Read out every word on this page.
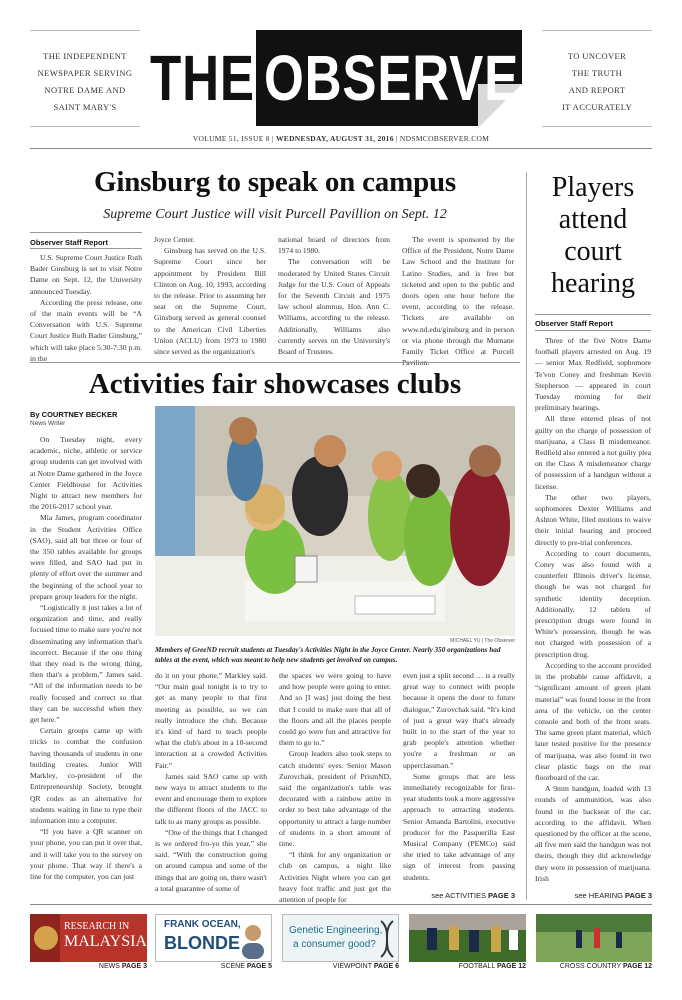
THE INDEPENDENT
NEWSPAPER SERVING
NOTRE DAME AND
SAINT MARY'S THE OBSERVER	TO UNCOVER
THE TRUTH
AND REPORT
IT ACCURATELY
VOLUME 51, ISSUE 8 | WEDNESDAY, AUGUST 31, 2016 | NDSMCOBSERVER.COM
Ginsburg to speak on campus
Supreme Court Justice will visit Purcell Pavillion on Sept. 12
Observer Staff Report

U.S. Supreme Court Justice Ruth Bader Ginsburg is set to visit Notre Dame on Sept. 12, the University announced Tuesday.

According the press release, one of the main events will be “A Conversation with U.S. Supreme Court Justice Ruth Bader Ginsburg,” which will take place 5:30-7:30 p.m. in the

Joyce Center.

Ginsburg has served on the U.S. Supreme Court since her appointment by President Bill Clinton on Aug. 10, 1993, according to the release. Prior to assuming her seat on the Supreme Court, Ginsburg served as general counsel to the American Civil Liberties Union (ACLU) from 1973 to 1980 since served as the organization's

national board of directors from 1974 to 1980.

The conversation will be moderated by United States Circuit Judge for the U.S. Court of Appeals for the Seventh Circuit and 1975 law school alumnus, Hon. Ann C. Williams, according to the release. Additionally, Williams also currently serves on the University's Board of Trustees.

The event is sponsored by the Office of the President, Notre Dame Law School and the Institute for Latino Studies, and is free but ticketed and open to the public and doors open one hour before the event, according to the release. Tickets are available on www.nd.edu/ginsburg and in person or via phone through the Murnane Family Ticket Office at Purcell Pavilion.

Players attend court hearing
Observer Staff Report

Three of the five Notre Dame football players arrested on Aug. 19 — senior Max Redfield, sophomore Te'von Coney and freshman Kevin Stepherson — appeared in court Tuesday morning for their preliminary hearings.

All three entered pleas of not guilty on the charge of possession of marijuana, a Class B misdemeanor. Redfield also entered a not guilty plea on the Class A misdemeanor charge of possession of a handgun without a license.

The other two players, sophomores Dexter Williams and Ashton White, filed motions to waive their initial hearing and proceed directly to pre-trial conferences.

According to court documents, Coney was also found with a counterfeit Illinois driver's license, though he was not charged for synthetic identity deception. Additionally, 12 tablets of prescription drugs were found in White's possession, though he was not charged with possession of a prescription drug.

According to the account provided in the probable cause affidavit, a “significant amount of green plant material” was found loose in the front area of the vehicle, on the center console and both of the front seats. The same green plant material, which later tested positive for the presence of marijuana, was also found in two clear plastic bags on the rear floorboard of the car.

A 9mm handgun, loaded with 13 rounds of ammunition, was also found in the backseat of the car, according to the affidavit. When questioned by the officer at the scene, all five men said the handgun was not theirs, though they did acknowledge they were in possession of marijuana. Irish

see HEARING PAGE 3
Activities fair showcases clubs
By COURTNEY BECKER
News Writer

On Tuesday night, every academic, niche, athletic or service group students can get involved with at Notre Dame gathered in the Joyce Center Fieldhouse for Activities Night to attract new members for the 2016-2017 school year.

Mia James, program coordinator in the Student Activities Office (SAO), said all but three or four of the 350 tables available for groups were filled, and SAO had put in plenty of effort over the summer and the beginning of the school year to prepare group leaders for the night.

“Logistically it just takes a lot of organization and time, and really focused time to make sure you're not disseminating any information that's incorrect. Because if the one thing that they read is the wrong thing, then that's a problem,” James said. “All of the information needs to be really focused and correct so that they can be successful when they get here.”

Certain groups came up with tricks to combat the confusion having thousands of students in one building creates. Junior Will Markley, co-president of the Entrepreneurship Society, brought QR codes as an alternative for students waiting in line to type their information into a computer.

“If you have a QR scanner on your phone, you can put it over that, and it will take you to the survey on your phone. That way if there's a line for the computer, you can just

MICHAEL YU | The Observer
Members of GreeND recruit students at Tuesday's Activities Night in the Joyce Center. Nearly 350 organizations had tables at the event, which was meant to help new students get involved on campus.

do it on your phone,” Markley said. “Our main goal tonight is to try to get as many people to that first meeting as possible, so we can really introduce the club. Because it's kind of hard to teach people what the club's about in a 10-second interaction at a crowded Activities Fair.”

James said SAO came up with new ways to attract students to the event and encourage them to explore the different floors of the JACC to talk to as many groups as possible.

“One of the things that I changed is we ordered fro-yo this year,” she said. “With the construction going on around campus and some of the things that are going on, there wasn't a total guarantee of some of

the spaces we were going to have and how people were going to enter. And so [I was] just doing the best that I could to make sure that all of the floors and all the places people could go were fun and attractive for them to go to.”

Group leaders also took steps to catch students' eyes. Senior Mason Zurovchak, president of PrismND, said the organization's table was decorated with a rainbow attire in order to best take advantage of the opportunity to attract a large number of students in a short amount of time.

“I think for any organization or club on campus, a night like Activities Night where you can get heavy foot traffic and just get the attention of people for

even just a split second … is a really great way to connect with people because it opens the door to future dialogue,” Zurovchak said. “It's kind of just a great way that's already built in to the start of the year to grab people's attention whether you're a freshman or an upperclassman.”

Some groups that are less immediately recognizable for first-year students took a more aggressive approach to attracting students. Senior Amanda Bartolini, executive producer for the Pasquerilla East Musical Company (PEMCo) said she tried to take advantage of any sign of interest from passing students.

see ACTIVITIES PAGE 3
RESEARCH IN
MALAYSIA
FRANK OCEAN,
BLONDE
Genetic Engineering,
a consumer good?
NEWS PAGE 3	SCENE PAGE 5	VIEWPOINT PAGE 6	FOOTBALL PAGE 12	CROSS COUNTRY PAGE 12
